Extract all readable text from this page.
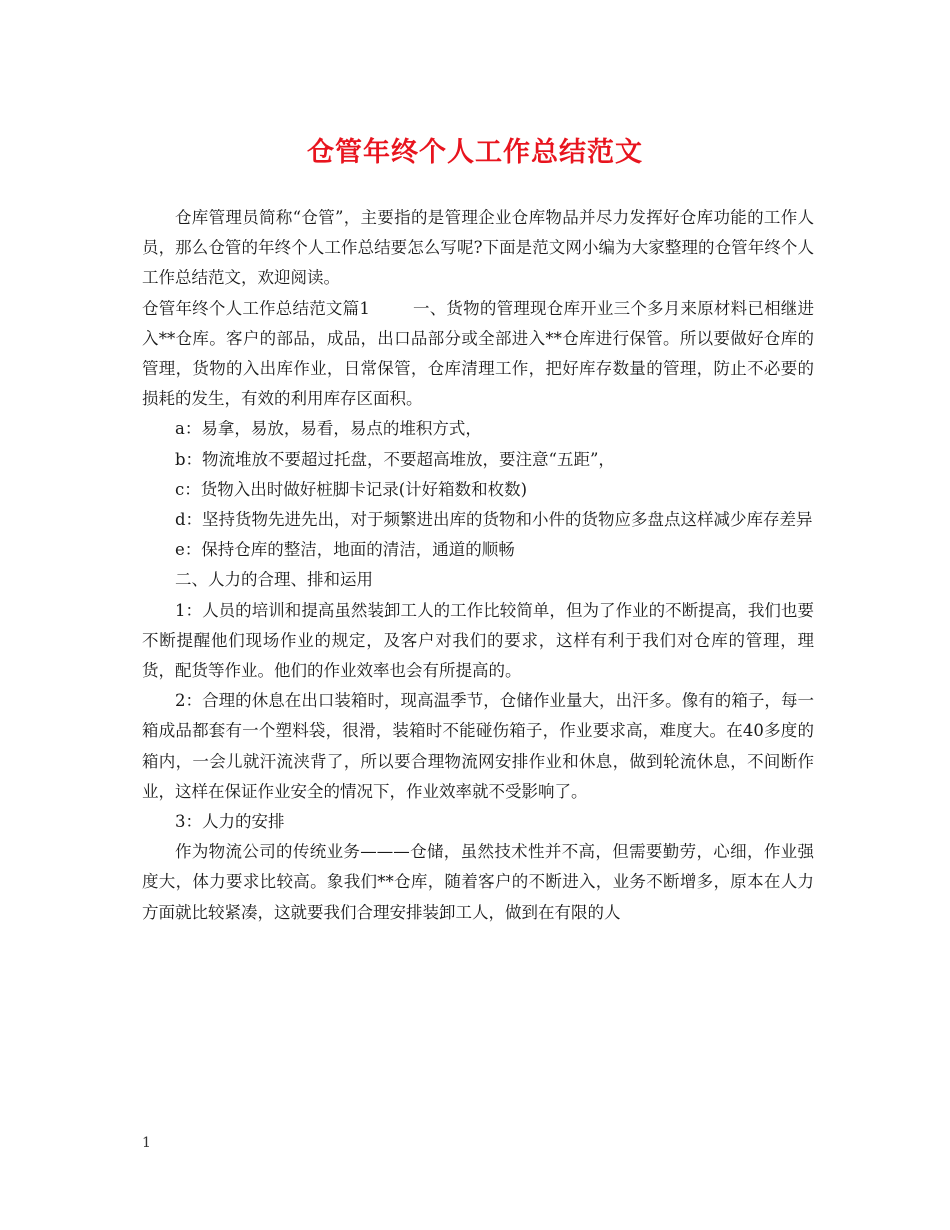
仓管年终个人工作总结范文

仓库管理员简称“仓管”，主要指的是管理企业仓库物品并尽力发挥好仓库功能的工作人员，那么仓管的年终个人工作总结要怎么写呢?下面是范文网小编为大家整理的仓管年终个人工作总结范文，欢迎阅读。

仓管年终个人工作总结范文篇1	一、货物的管理现仓库开业三个多月来原材料已相继进入**仓库。客户的部品，成品，出口品部分或全部进入**仓库进行保管。所以要做好仓库的管理，货物的入出库作业，日常保管，仓库清理工作，把好库存数量的管理，防止不必要的损耗的发生，有效的利用库存区面积。

a：易拿，易放，易看，易点的堆积方式，

b：物流堆放不要超过托盘，不要超高堆放，要注意“五距”，

c：货物入出时做好桩脚卡记录(计好箱数和枚数)

d：坚持货物先进先出，对于频繁进出库的货物和小件的货物应多盘点这样减少库存差异

e：保持仓库的整洁，地面的清洁，通道的顺畅

二、人力的合理、排和运用

1：人员的培训和提高虽然装卸工人的工作比较简单，但为了作业的不断提高，我们也要不断提醒他们现场作业的规定，及客户对我们的要求，这样有利于我们对仓库的管理，理货，配货等作业。他们的作业效率也会有所提高的。

2：合理的休息在出口装箱时，现高温季节，仓储作业量大，出汗多。像有的箱子，每一箱成品都套有一个塑料袋，很滑，装箱时不能碰伤箱子，作业要求高，难度大。在40多度的箱内，一会儿就汗流浃背了，所以要合理物流网安排作业和休息，做到轮流休息，不间断作业，这样在保证作业安全的情况下，作业效率就不受影响了。

3：人力的安排

作为物流公司的传统业务———仓储，虽然技术性并不高，但需要勤劳，心细，作业强度大，体力要求比较高。象我们**仓库，随着客户的不断进入，业务不断增多，原本在人力方面就比较紧凑，这就要我们合理安排装卸工人，做到在有限的人

1
